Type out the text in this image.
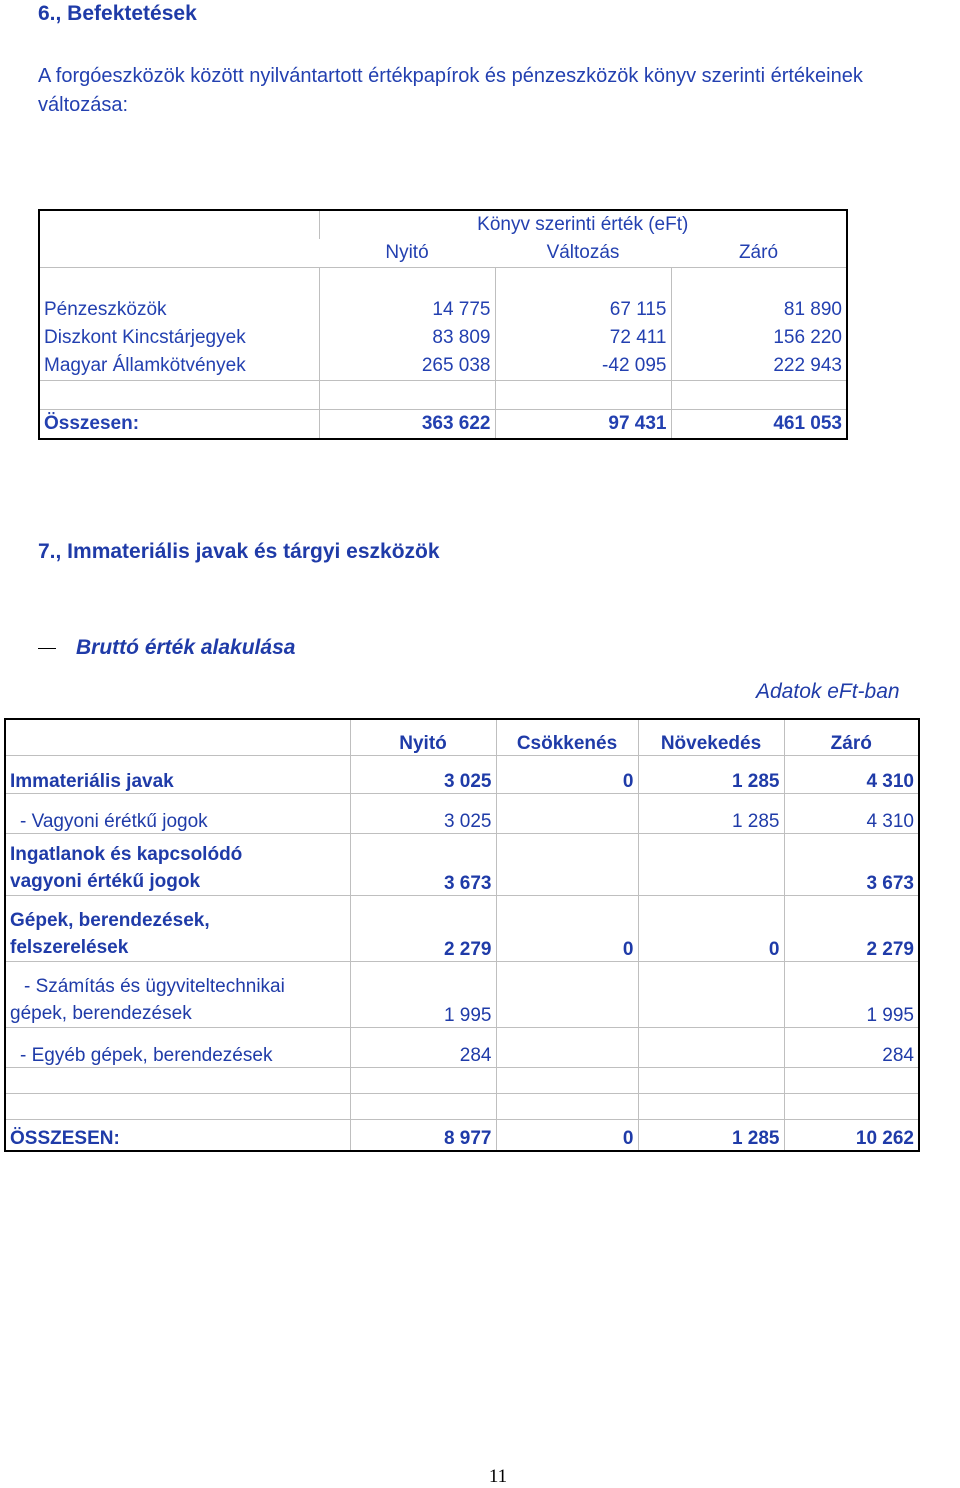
6., Befektetések
A forgóeszközök között nyilvántartott értékpapírok és pénzeszközök könyv szerinti értékeinek változása:
	Könyv szerinti érték (eFt)		
	Nyitó	Változás	Záró

Pénzeszközök	14 775	67 115	81 890
Diszkont Kincstárjegyek	83 809	72 411	156 220
Magyar Államkötvények	265 038	-42 095	222 943

Összesen:	363 622	97 431	461 053
7., Immateriális javak és tárgyi eszközök
Bruttó érték alakulása
Adatok eFt-ban
	Nyitó	Csökkenés	Növekedés	Záró
Immateriális javak	3 025	0	1 285	4 310
- Vagyoni érétkű jogok	3 025		1 285	4 310

Ingatlanok és kapcsolódó
vagyoni értékű jogok	3 673			3 673

Gépek, berendezések,
felszerelések	2 279	0	0	2 279

- Számítás és ügyviteltechnikai
gépek, berendezések	1 995			1 995
- Egyéb gépek, berendezések	284			284

ÖSSZESEN:	8 977	0	1 285	10 262
11
